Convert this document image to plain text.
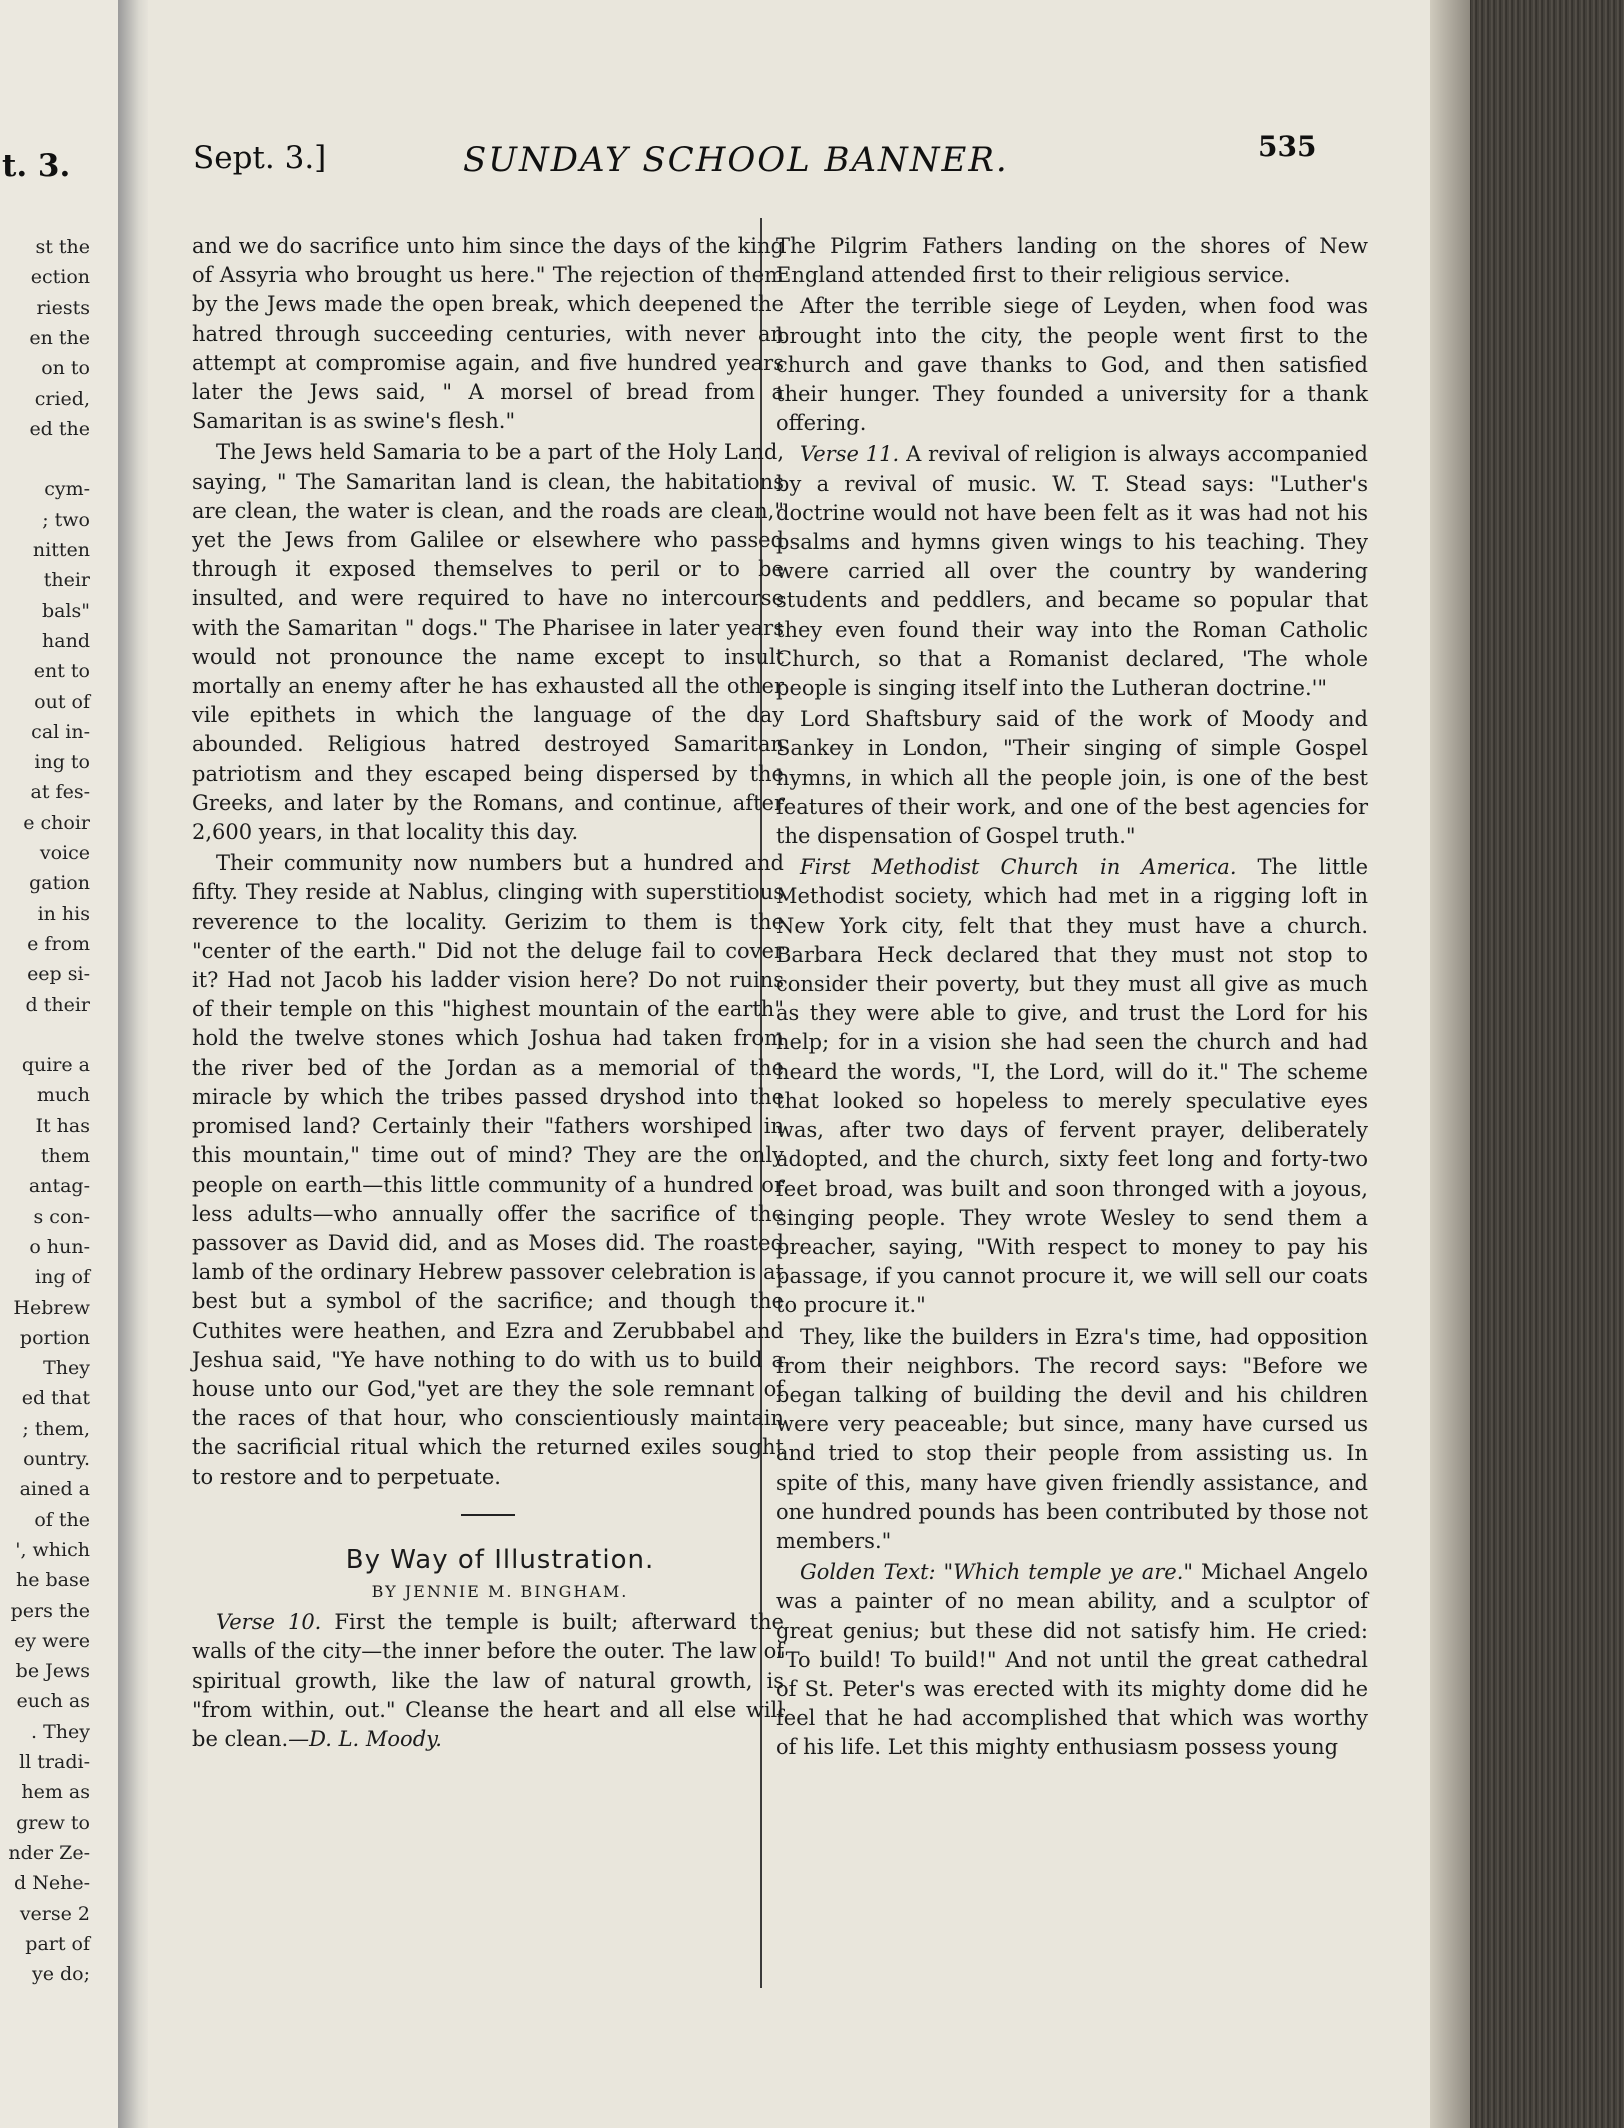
t. 3.
st the
ection
riests
en the
on to
cried,
ed the
cym-
; two
nitten
their
bals"
hand
ent to
out of
cal in-
ing to
at fes-
e choir
voice
gation
in his
e from
eep si-
d their
quire a
much
It has
them
antag-
s con-
o hun-
ing of
Hebrew
portion
They
ed that
; them,
ountry.
ained a
of the
', which
he base
pers the
ey were
be Jews
euch as
. They
ll tradi-
hem as
grew to
nder Ze-
d Nehe-
verse 2
part of
ye do;
Sept. 3.]	SUNDAY SCHOOL BANNER.	535

and we do sacrifice unto him since the days of the king of Assyria who brought us here." The rejection of them by the Jews made the open break, which deepened the hatred through succeeding centuries, with never an attempt at compromise again, and five hundred years later the Jews said, " A morsel of bread from a Samaritan is as swine's flesh."

The Jews held Samaria to be a part of the Holy Land, saying, " The Samaritan land is clean, the habitations are clean, the water is clean, and the roads are clean," yet the Jews from Galilee or elsewhere who passed through it exposed themselves to peril or to be insulted, and were required to have no intercourse with the Samaritan " dogs." The Pharisee in later years would not pronounce the name except to insult mortally an enemy after he has exhausted all the other vile epithets in which the language of the day abounded. Religious hatred destroyed Samaritan patriotism and they escaped being dispersed by the Greeks, and later by the Romans, and continue, after 2,600 years, in that locality this day.

Their community now numbers but a hundred and fifty. They reside at Nablus, clinging with superstitious reverence to the locality. Gerizim to them is the "center of the earth." Did not the deluge fail to cover it? Had not Jacob his ladder vision here? Do not ruins of their temple on this "highest mountain of the earth" hold the twelve stones which Joshua had taken from the river bed of the Jordan as a memorial of the miracle by which the tribes passed dryshod into the promised land? Certainly their "fathers worshiped in this mountain," time out of mind? They are the only people on earth—this little community of a hundred or less adults—who annually offer the sacrifice of the passover as David did, and as Moses did. The roasted lamb of the ordinary Hebrew passover celebration is at best but a symbol of the sacrifice; and though the Cuthites were heathen, and Ezra and Zerubbabel and Jeshua said, "Ye have nothing to do with us to build a house unto our God,"yet are they the sole remnant of the races of that hour, who conscientiously maintain the sacrificial ritual which the returned exiles sought to restore and to perpetuate.

By Way of Illustration.

BY JENNIE M. BINGHAM.

Verse 10. First the temple is built; afterward the walls of the city—the inner before the outer. The law of spiritual growth, like the law of natural growth, is "from within, out." Cleanse the heart and all else will be clean.—D. L. Moody.

The Pilgrim Fathers landing on the shores of New England attended first to their religious service.

After the terrible siege of Leyden, when food was brought into the city, the people went first to the church and gave thanks to God, and then satisfied their hunger. They founded a university for a thank offering.

Verse 11. A revival of religion is always accompanied by a revival of music. W. T. Stead says: "Luther's doctrine would not have been felt as it was had not his psalms and hymns given wings to his teaching. They were carried all over the country by wandering students and peddlers, and became so popular that they even found their way into the Roman Catholic Church, so that a Romanist declared, 'The whole people is singing itself into the Lutheran doctrine.'"

Lord Shaftsbury said of the work of Moody and Sankey in London, "Their singing of simple Gospel hymns, in which all the people join, is one of the best features of their work, and one of the best agencies for the dispensation of Gospel truth."

First Methodist Church in America. The little Methodist society, which had met in a rigging loft in New York city, felt that they must have a church. Barbara Heck declared that they must not stop to consider their poverty, but they must all give as much as they were able to give, and trust the Lord for his help; for in a vision she had seen the church and had heard the words, "I, the Lord, will do it." The scheme that looked so hopeless to merely speculative eyes was, after two days of fervent prayer, deliberately adopted, and the church, sixty feet long and forty-two feet broad, was built and soon thronged with a joyous, singing people. They wrote Wesley to send them a preacher, saying, "With respect to money to pay his passage, if you cannot procure it, we will sell our coats to procure it."

They, like the builders in Ezra's time, had opposition from their neighbors. The record says: "Before we began talking of building the devil and his children were very peaceable; but since, many have cursed us and tried to stop their people from assisting us. In spite of this, many have given friendly assistance, and one hundred pounds has been contributed by those not members."

Golden Text: "Which temple ye are." Michael Angelo was a painter of no mean ability, and a sculptor of great genius; but these did not satisfy him. He cried: "To build! To build!" And not until the great cathedral of St. Peter's was erected with its mighty dome did he feel that he had accomplished that which was worthy of his life. Let this mighty enthusiasm possess young
